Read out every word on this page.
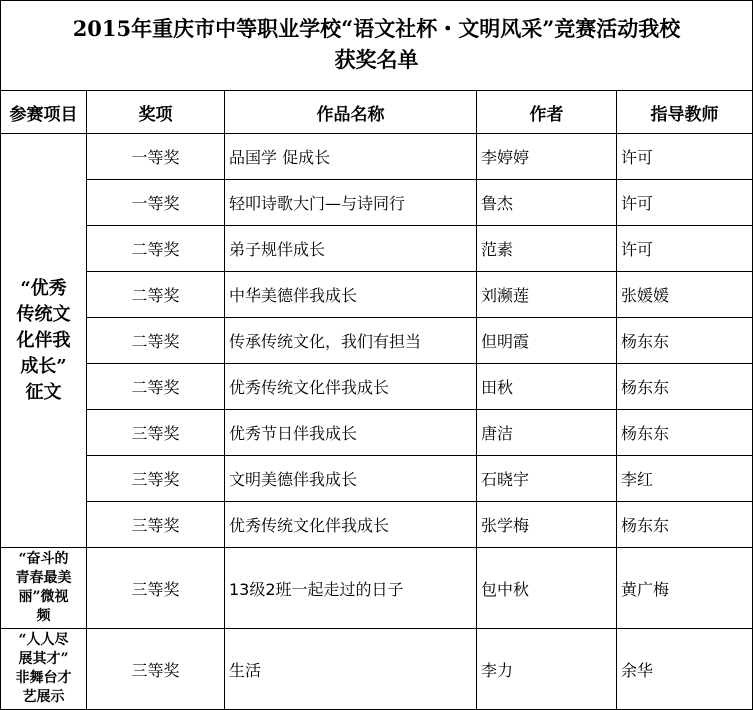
2015年重庆市中等职业学校“语文社杯・文明风采”竞赛活动我校
获奖名单
参赛项目	奖项	作品名称	作者	指导教师

“优秀
传统文
化伴我
成长”
征文	一等奖	品国学 促成长	李婷婷	许可
	一等奖	轻叩诗歌大门—与诗同行	鲁杰	许可
	二等奖	弟子规伴成长	范素	许可
	二等奖	中华美德伴我成长	刘濒莲	张媛媛
	二等奖	传承传统文化，我们有担当	但明霞	杨东东
	二等奖	优秀传统文化伴我成长	田秋	杨东东
	三等奖	优秀节日伴我成长	唐洁	杨东东
	三等奖	文明美德伴我成长	石晓宇	李红
	三等奖	优秀传统文化伴我成长	张学梅	杨东东

“奋斗的
青春最美
丽”微视
频	三等奖	13级2班一起走过的日子	包中秋	黄广梅

“人人尽
展其才”
非舞台才
艺展示	三等奖	生活	李力	余华
